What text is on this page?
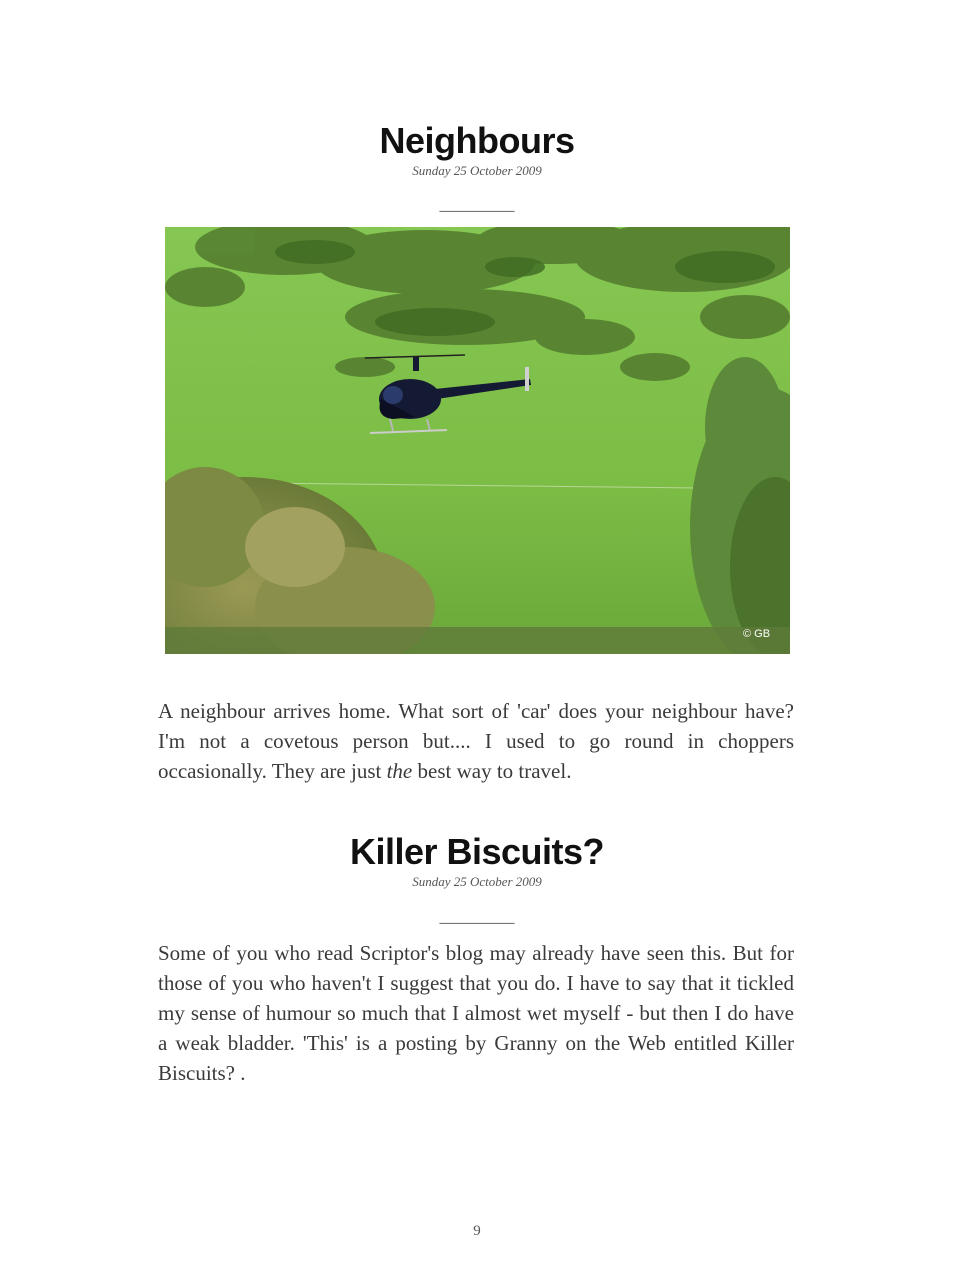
Neighbours
Sunday 25 October 2009
__________
© GB

A neighbour arrives home. What sort of 'car' does your neighbour have? I'm not a covetous person but.... I used to go round in choppers occasionally. They are just the best way to travel.

Killer Biscuits?
Sunday 25 October 2009
__________

Some of you who read Scriptor's blog may already have seen this. But for those of you who haven't I suggest that you do. I have to say that it tickled my sense of humour so much that I almost wet myself - but then I do have a weak bladder. 'This' is a posting by Granny on the Web entitled Killer Biscuits? .

9
